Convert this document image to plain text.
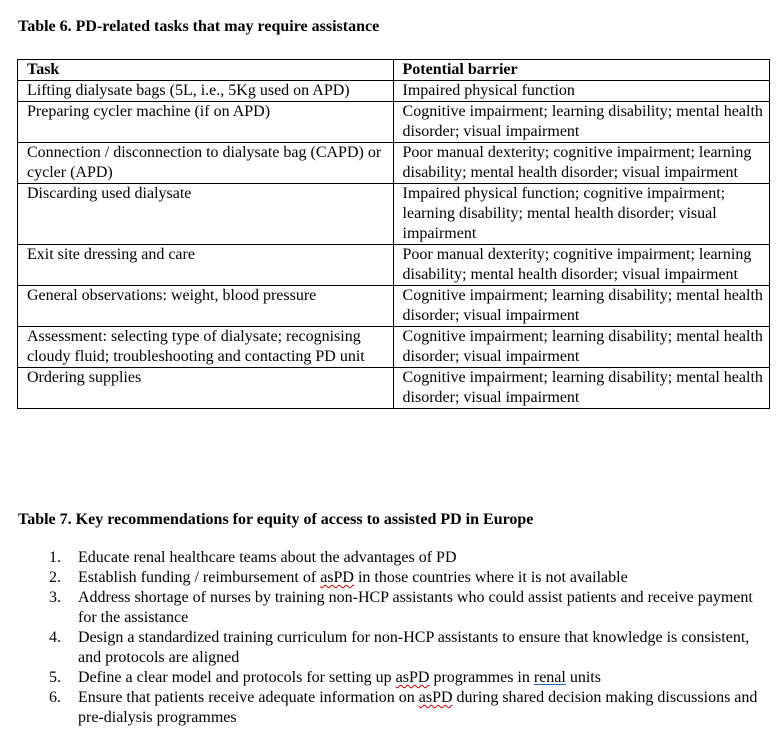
Table 6. PD-related tasks that may require assistance
Task	Potential barrier
Lifting dialysate bags (5L, i.e., 5Kg used on APD)	Impaired physical function
Preparing cycler machine (if on APD)	Cognitive impairment; learning disability; mental health disorder; visual impairment
Connection / disconnection to dialysate bag (CAPD) or cycler (APD)	Poor manual dexterity; cognitive impairment; learning disability; mental health disorder; visual impairment
Discarding used dialysate	Impaired physical function; cognitive impairment; learning disability; mental health disorder; visual impairment
Exit site dressing and care	Poor manual dexterity; cognitive impairment; learning disability; mental health disorder; visual impairment
General observations: weight, blood pressure	Cognitive impairment; learning disability; mental health disorder; visual impairment
Assessment: selecting type of dialysate; recognising cloudy fluid; troubleshooting and contacting PD unit	Cognitive impairment; learning disability; mental health disorder; visual impairment
Ordering supplies	Cognitive impairment; learning disability; mental health disorder; visual impairment
Table 7. Key recommendations for equity of access to assisted PD in Europe
1. Educate renal healthcare teams about the advantages of PD
2. Establish funding / reimbursement of asPD in those countries where it is not available
3. Address shortage of nurses by training non-HCP assistants who could assist patients and receive payment for the assistance
4. Design a standardized training curriculum for non-HCP assistants to ensure that knowledge is consistent, and protocols are aligned
5. Define a clear model and protocols for setting up asPD programmes in renal units
6. Ensure that patients receive adequate information on asPD during shared decision making discussions and pre-dialysis programmes
